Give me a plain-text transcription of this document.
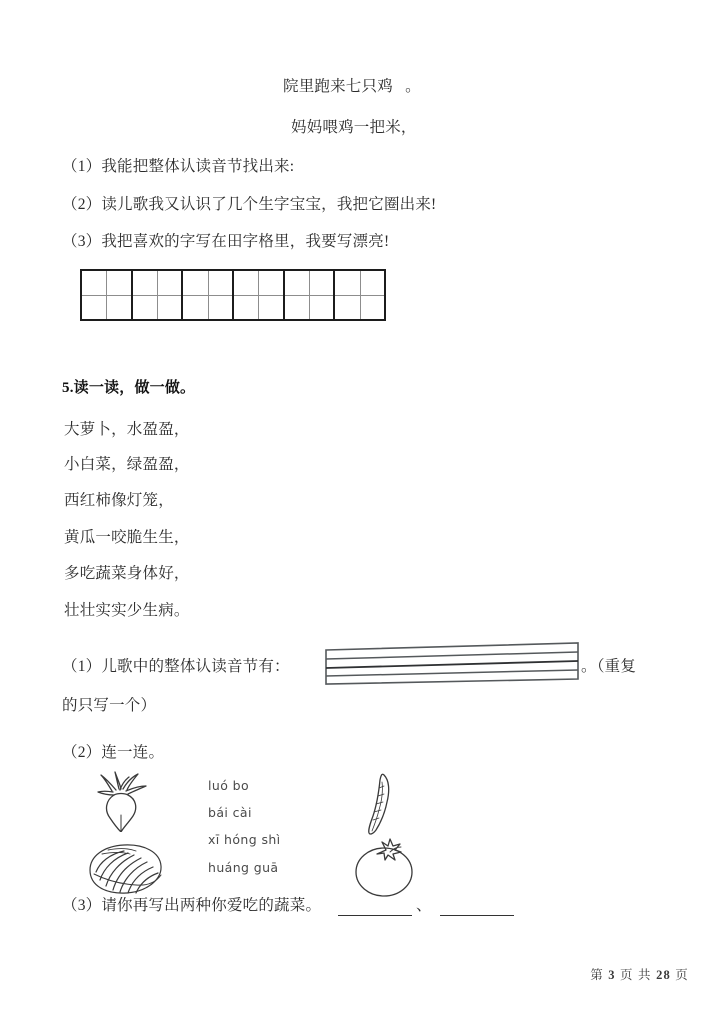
院里跑来七只鸡   。
妈妈喂鸡一把米，
（1）我能把整体认读音节找出来:
（2）读儿歌我又认识了几个生字宝宝，我把它圈出来!
（3）我把喜欢的字写在田字格里，我要写漂亮!
5.读一读，做一做。
大萝卜，水盈盈，
小白菜，绿盈盈，
西红柿像灯笼，
黄瓜一咬脆生生，
多吃蔬菜身体好，
壮壮实实少生病。
（1）儿歌中的整体认读音节有：	。（重复
的只写一个）
（2）连一连。
luó bo
bái cài
xī hóng shì
huáng guā
（3）请你再写出两种你爱吃的蔬菜。	、

第 3 页 共 28 页
